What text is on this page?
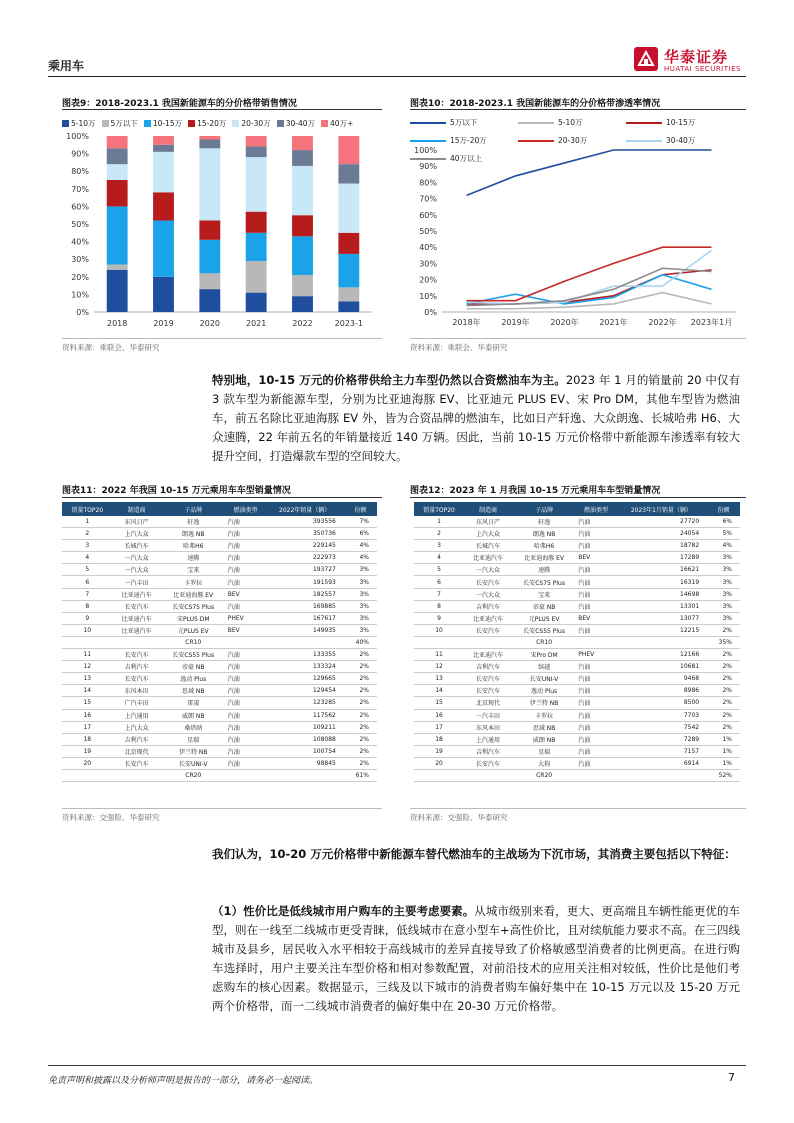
乘用车	华泰证券
HUATAI SECURITIES
图表9：2018-2023.1 我国新能源车的分价格带销售情况
5-10万 5万以下 10-15万 15-20万 20-30万 30-40万 40万+
0%
10%
20%
30%
40%
50%
60%
70%
80%
90%
100%
2018	2019	2020	2021	2022	2023-1
资料来源：乘联会、华泰研究
图表10：2018-2023.1 我国新能源车的分价格带渗透率情况
5万以下	5-10万	10-15万
15万-20万	20-30万	30-40万
40万以上
0%
10%
20%
30%
40%
50%
60%
70%
80%
90%
100%
2018年	2019年	2020年	2021年	2022年 2023年1月
资料来源：乘联会、华泰研究
特别地，10-15 万元的价格带供给主力车型仍然以合资燃油车为主。2023 年 1 月的销量前 20 中仅有 3 款车型为新能源车型，分别为比亚迪海豚 EV、比亚迪元 PLUS EV、宋 Pro DM，其他车型皆为燃油车，前五名除比亚迪海豚 EV 外，皆为合资品牌的燃油车，比如日产轩逸、大众朗逸、长城哈弗 H6、大众速腾，22 年前五名的年销量接近 140 万辆。因此，当前 10-15 万元价格带中新能源车渗透率有较大提升空间，打造爆款车型的空间较大。
图表11：2022 年我国 10-15 万元乘用车车型销量情况
销量TOP20	制造商	子品牌	燃油类型	2022年销量（辆）	份额
1	东风日产	轩逸	汽油	393556	7%
2	上汽大众	朗逸 NB	汽油	350736	6%
3	长城汽车	哈弗H6	汽油	229145	4%
4	一汽大众	速腾	汽油	222973	4%
5	一汽大众	宝来	汽油	193727	3%
6	一汽丰田	卡罗拉	汽油	191593	3%
7	比亚迪汽车	比亚迪海豚 EV	BEV	182557	3%
8	长安汽车	长安CS75 Plus	汽油	169885	3%
9	比亚迪汽车	宋PLUS DM	PHEV	167617	3%
10	比亚迪汽车	元PLUS EV	BEV	149935	3%
		CR10			40%
11	长安汽车	长安CS55 Plus	汽油	133355	2%
12	吉利汽车	帝豪 NB	汽油	133324	2%
13	长安汽车	逸动 Plus	汽油	129665	2%
14	东风本田	思域 NB	汽油	129454	2%
15	广汽丰田	雷凌	汽油	123285	2%
16	上汽通用	威朗 NB	汽油	117562	2%
17	上汽大众	桑塔纳	汽油	109211	2%
18	吉利汽车	星瑞	汽油	108088	2%
19	北京现代	伊兰特 NB	汽油	100754	2%
20	长安汽车	长安UNI-V	汽油	98845	2%
		CR20			61%
资料来源：交强险、华泰研究
图表12：2023 年 1 月我国 10-15 万元乘用车车型销量情况
销量TOP20	制造商	子品牌	燃油类型	2023年1月销量（辆）	份额
1	东风日产	轩逸	汽油	27720	6%
2	上汽大众	朗逸 NB	汽油	24054	5%
3	长城汽车	哈弗H6	汽油	18782	4%
4	比亚迪汽车	比亚迪海豚 EV	BEV	17289	3%
5	一汽大众	速腾	汽油	16621	3%
6	长安汽车	长安CS75 Plus	汽油	16319	3%
7	一汽大众	宝来	汽油	14698	3%
8	吉利汽车	帝豪 NB	汽油	13301	3%
9	比亚迪汽车	元PLUS EV	BEV	13077	3%
10	长安汽车	长安CS55 Plus	汽油	12215	2%
		CR10			35%
11	比亚迪汽车	宋Pro DM	PHEV	12166	2%
12	吉利汽车	缤越	汽油	10681	2%
13	长安汽车	长安UNI-V	汽油	9468	2%
14	长安汽车	逸动 Plus	汽油	8986	2%
15	北京现代	伊兰特 NB	汽油	8500	2%
16	一汽丰田	卡罗拉	汽油	7703	2%
17	东风本田	思域 NB	汽油	7542	2%
18	上汽通用	威朗 NB	汽油	7289	1%
19	吉利汽车	星瑞	汽油	7157	1%
20	长安汽车	大狗	汽油	6914	1%
		CR20			52%
资料来源：交强险、华泰研究
我们认为，10-20 万元价格带中新能源车替代燃油车的主战场为下沉市场，其消费主要包括以下特征：
（1）性价比是低线城市用户购车的主要考虑要素。从城市级别来看，更大、更高端且车辆性能更优的车型，则在一线至二线城市更受青睐，低线城市在意小型车+高性价比，且对续航能力要求不高。在三四线城市及县乡，居民收入水平相较于高线城市的差异直接导致了价格敏感型消费者的比例更高。在进行购车选择时，用户主要关注车型价格和相对参数配置，对前沿技术的应用关注相对较低，性价比是他们考虑购车的核心因素。数据显示，三线及以下城市的消费者购车偏好集中在 10-15 万元以及 15-20 万元两个价格带，而一二线城市消费者的偏好集中在 20-30 万元价格带。
免责声明和披露以及分析师声明是报告的一部分，请务必一起阅读。	7
